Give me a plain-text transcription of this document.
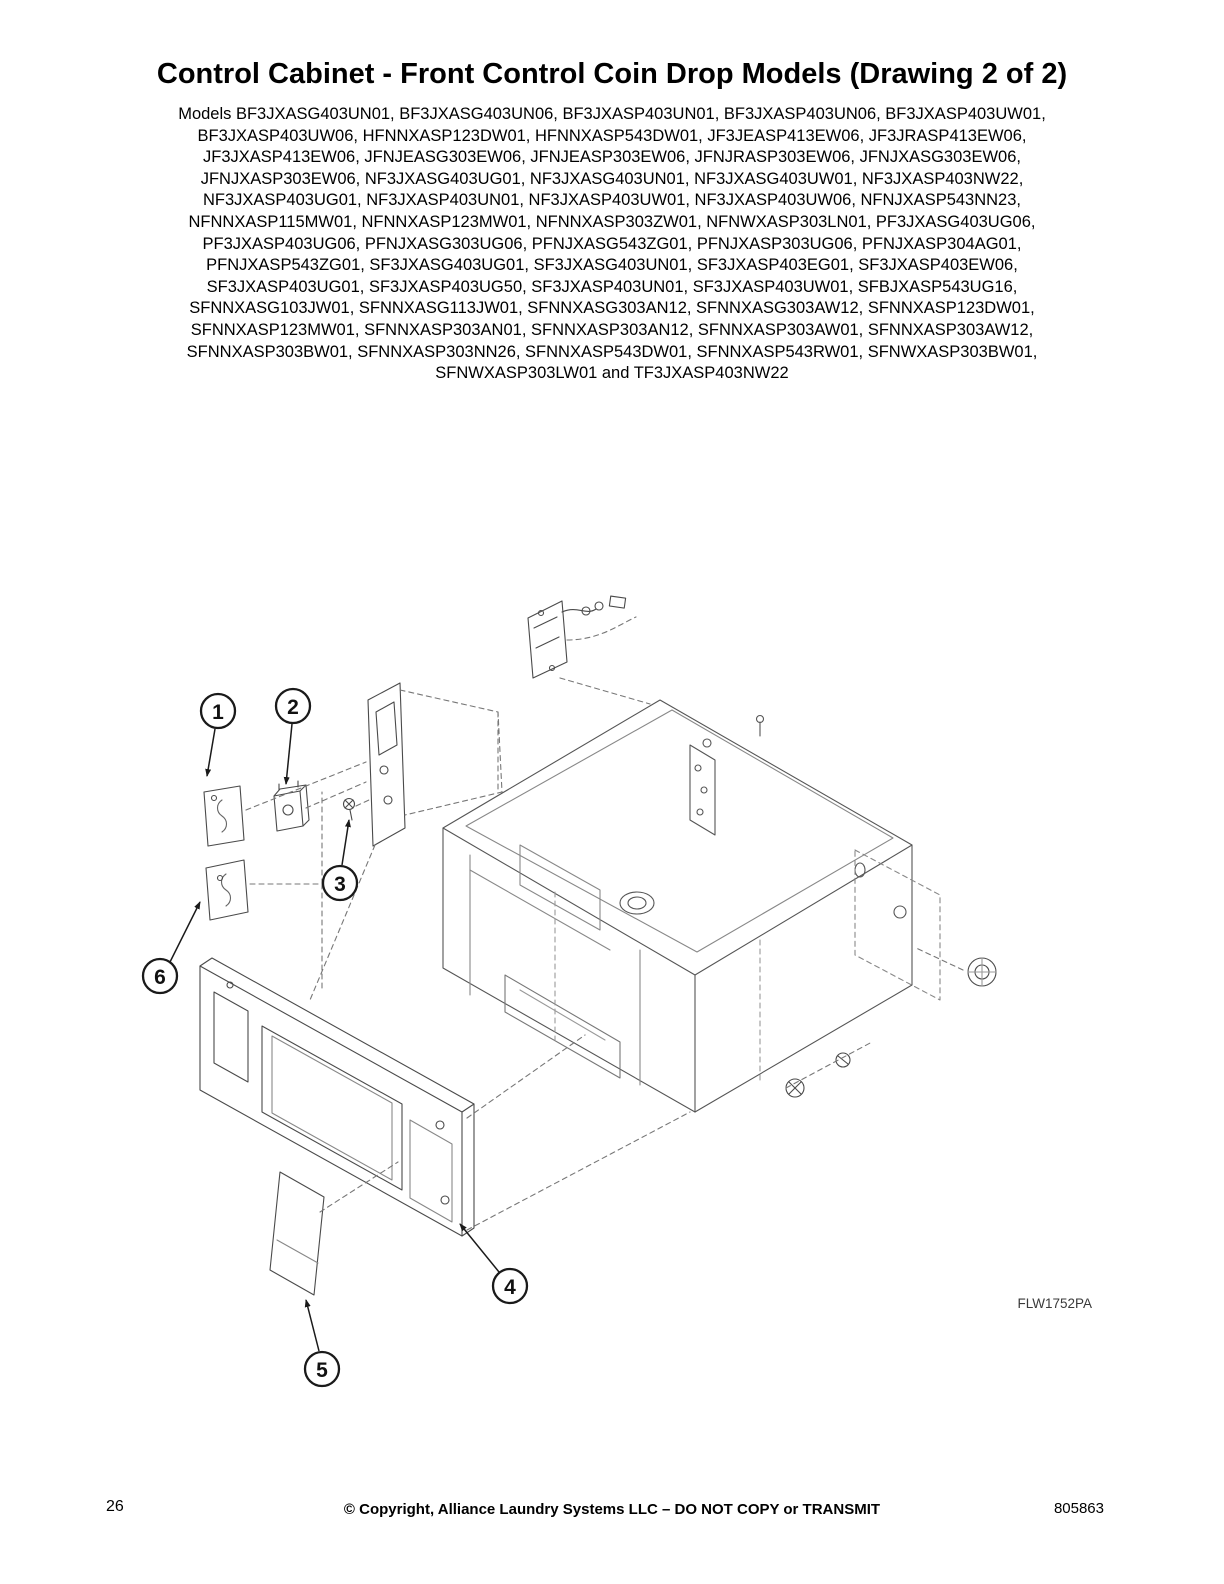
Control Cabinet - Front Control Coin Drop Models (Drawing 2 of 2)
Models BF3JXASG403UN01, BF3JXASG403UN06, BF3JXASP403UN01, BF3JXASP403UN06, BF3JXASP403UW01,
BF3JXASP403UW06, HFNNXASP123DW01, HFNNXASP543DW01, JF3JEASP413EW06, JF3JRASP413EW06,
JF3JXASP413EW06, JFNJEASG303EW06, JFNJEASP303EW06, JFNJRASP303EW06, JFNJXASG303EW06,
JFNJXASP303EW06, NF3JXASG403UG01, NF3JXASG403UN01, NF3JXASG403UW01, NF3JXASP403NW22,
NF3JXASP403UG01, NF3JXASP403UN01, NF3JXASP403UW01, NF3JXASP403UW06, NFNJXASP543NN23,
NFNNXASP115MW01, NFNNXASP123MW01, NFNNXASP303ZW01, NFNWXASP303LN01, PF3JXASG403UG06,
PF3JXASP403UG06, PFNJXASG303UG06, PFNJXASG543ZG01, PFNJXASP303UG06, PFNJXASP304AG01,
PFNJXASP543ZG01, SF3JXASG403UG01, SF3JXASG403UN01, SF3JXASP403EG01, SF3JXASP403EW06,
SF3JXASP403UG01, SF3JXASP403UG50, SF3JXASP403UN01, SF3JXASP403UW01, SFBJXASP543UG16,
SFNNXASG103JW01, SFNNXASG113JW01, SFNNXASG303AN12, SFNNXASG303AW12, SFNNXASP123DW01,
SFNNXASP123MW01, SFNNXASP303AN01, SFNNXASP303AN12, SFNNXASP303AW01, SFNNXASP303AW12,
SFNNXASP303BW01, SFNNXASP303NN26, SFNNXASP543DW01, SFNNXASP543RW01, SFNWXASP303BW01,
SFNWXASP303LW01 and TF3JXASP403NW22
1	2
3
4
5
6
FLW1752PA
26	© Copyright, Alliance Laundry Systems LLC – DO NOT COPY or TRANSMIT	805863
